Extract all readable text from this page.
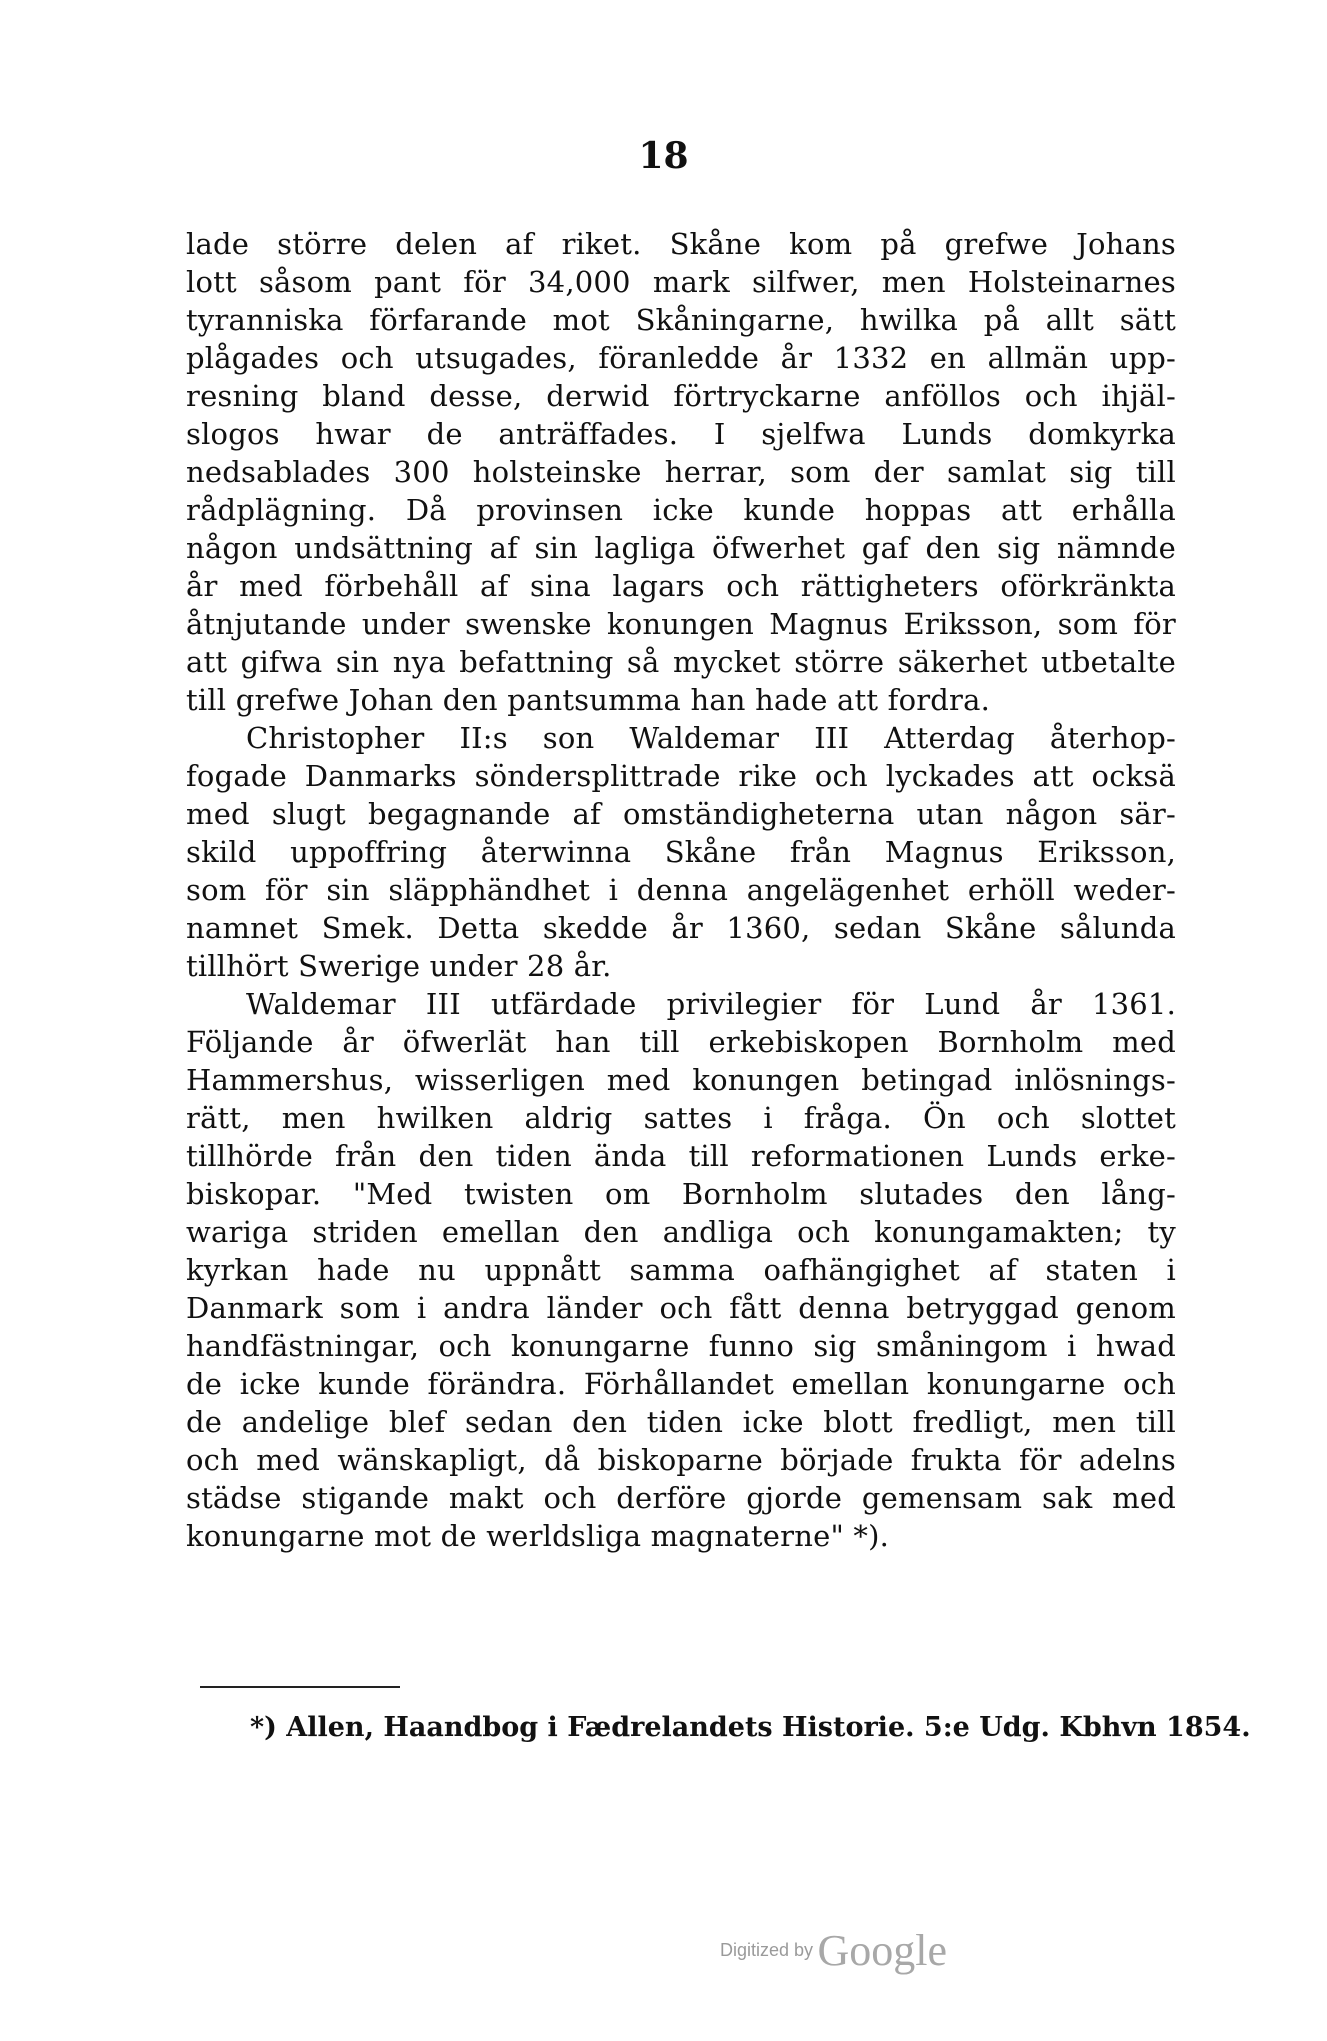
18
lade större delen af riket. Skåne kom på grefwe Johans
lott såsom pant för 34,000 mark silfwer, men Holsteinarnes
tyranniska förfarande mot Skåningarne, hwilka på allt sätt
plågades och utsugades, föranledde år 1332 en allmän upp-
resning bland desse, derwid förtryckarne anföllos och ihjäl-
slogos hwar de anträffades. I sjelfwa Lunds domkyrka
nedsablades 300 holsteinske herrar, som der samlat sig till
rådplägning. Då provinsen icke kunde hoppas att erhålla
någon undsättning af sin lagliga öfwerhet gaf den sig nämnde
år med förbehåll af sina lagars och rättigheters oförkränkta
åtnjutande under swenske konungen Magnus Eriksson, som för
att gifwa sin nya befattning så mycket större säkerhet utbetalte
till grefwe Johan den pantsumma han hade att fordra.
Christopher II:s son Waldemar III Atterdag återhop-
fogade Danmarks söndersplittrade rike och lyckades att ocksä
med slugt begagnande af omständigheterna utan någon sär-
skild uppoffring återwinna Skåne från Magnus Eriksson,
som för sin släpphändhet i denna angelägenhet erhöll weder-
namnet Smek. Detta skedde år 1360, sedan Skåne sålunda
tillhört Swerige under 28 år.
Waldemar III utfärdade privilegier för Lund år 1361.
Följande år öfwerlät han till erkebiskopen Bornholm med
Hammershus, wisserligen med konungen betingad inlösnings-
rätt, men hwilken aldrig sattes i fråga. Ön och slottet
tillhörde från den tiden ända till reformationen Lunds erke-
biskopar. "Med twisten om Bornholm slutades den lång-
wariga striden emellan den andliga och konungamakten; ty
kyrkan hade nu uppnått samma oafhängighet af staten i
Danmark som i andra länder och fått denna betryggad genom
handfästningar, och konungarne funno sig småningom i hwad
de icke kunde förändra. Förhållandet emellan konungarne och
de andelige blef sedan den tiden icke blott fredligt, men till
och med wänskapligt, då biskoparne började frukta för adelns
städse stigande makt och derföre gjorde gemensam sak med
konungarne mot de werldsliga magnaterne" *).
*) Allen, Haandbog i Fædrelandets Historie. 5:e Udg. Kbhvn 1854.
Digitized by Google
